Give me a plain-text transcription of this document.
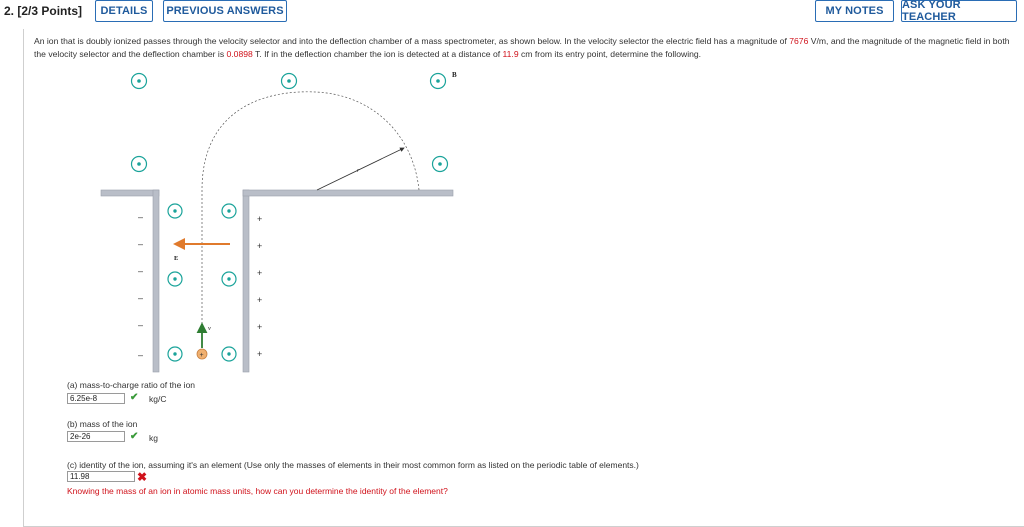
2. [2/3 Points]	DETAILS	PREVIOUS ANSWERS	MY NOTES	ASK YOUR TEACHER
An ion that is doubly ionized passes through the velocity selector and into the deflection chamber of a mass spectrometer, as shown below. In the velocity selector the electric field has a magnitude of 7676 V/m, and the magnitude of the magnetic field in both the velocity selector and the deflection chamber is 0.0898 T. If in the deflection chamber the ion is detected at a distance of 11.9 cm from its entry point, determine the following.
r
B
E
v
+
–
–
–
–
–
–
+
+
+
+
+
+
(a) mass-to-charge ratio of the ion
6.25e-8	✔ kg/C
(b) mass of the ion
2e-26	✔ kg
(c) identity of the ion, assuming it's an element (Use only the masses of elements in their most common form as listed on the periodic table of elements.)
11.98	✖
Knowing the mass of an ion in atomic mass units, how can you determine the identity of the element?
